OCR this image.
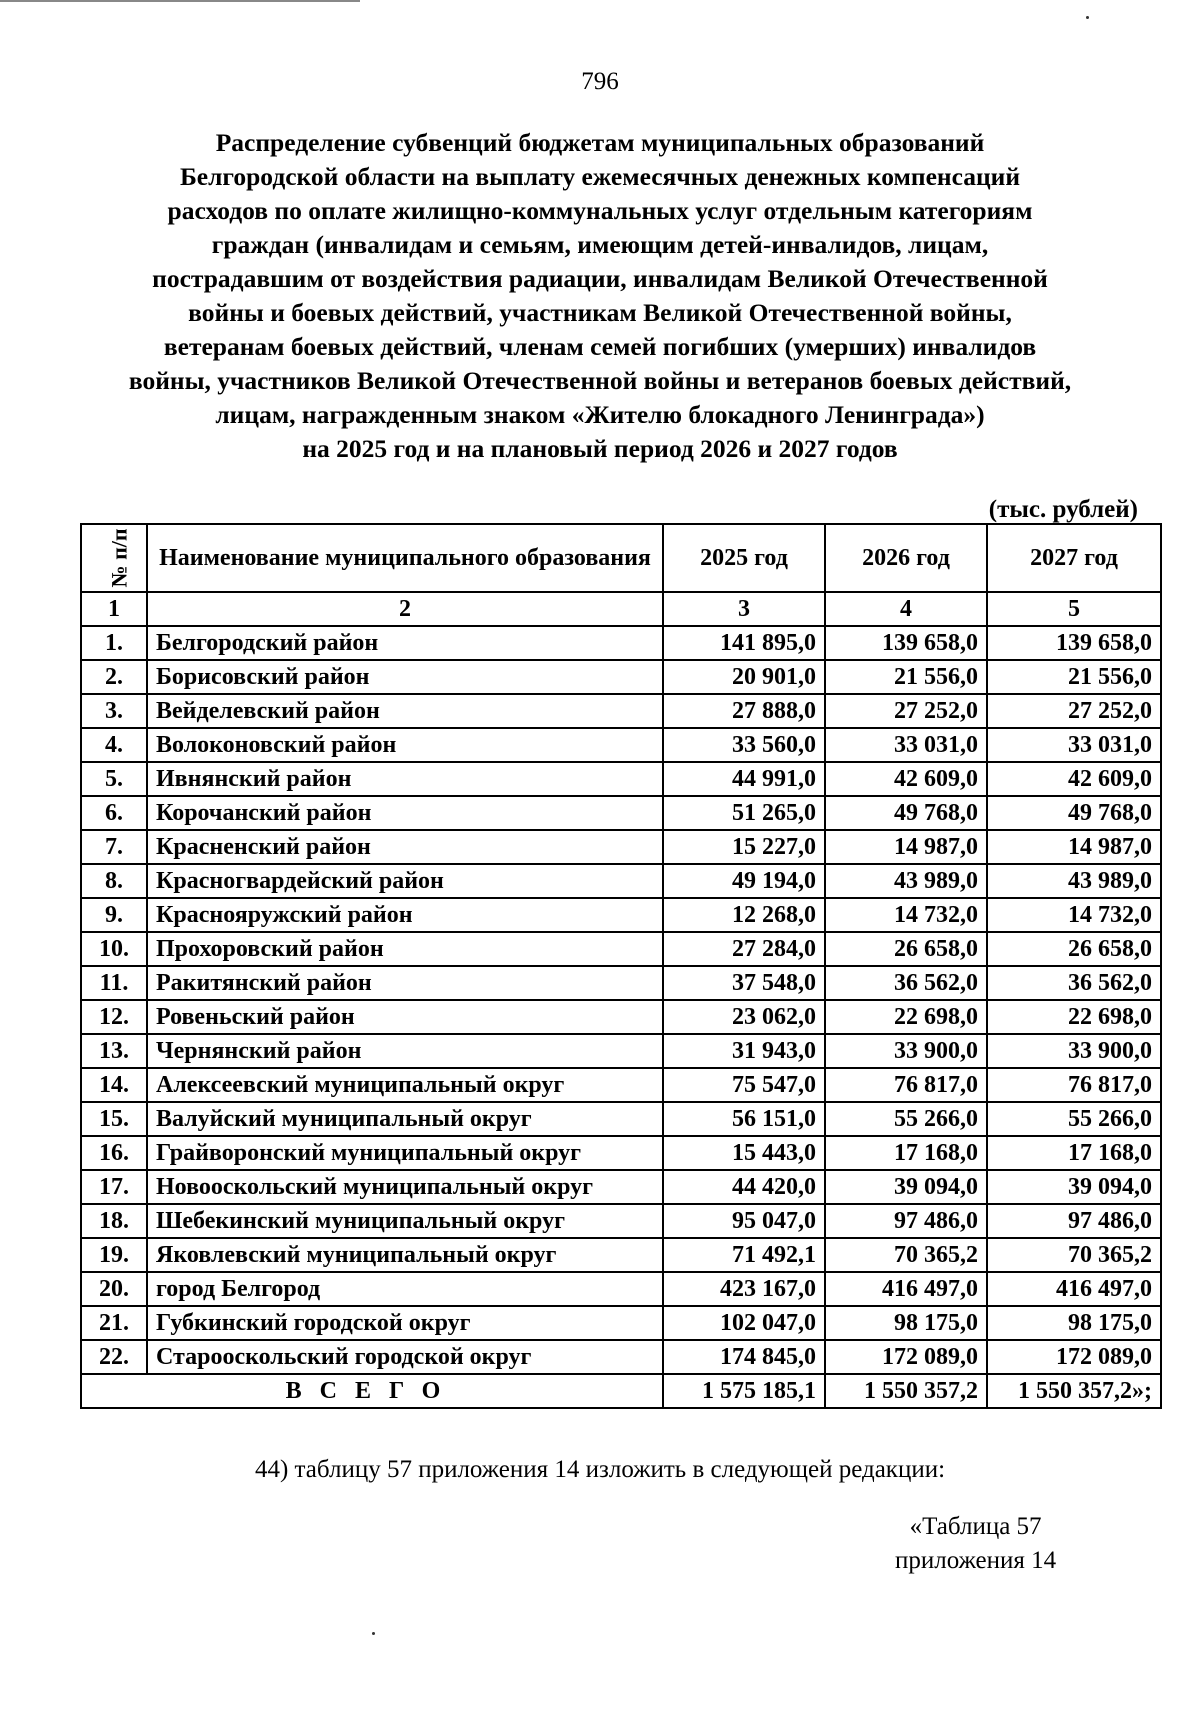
796
Распределение субвенций бюджетам муниципальных образований
Белгородской области на выплату ежемесячных денежных компенсаций
расходов по оплате жилищно-коммунальных услуг отдельным категориям
граждан (инвалидам и семьям, имеющим детей-инвалидов, лицам,
пострадавшим от воздействия радиации, инвалидам Великой Отечественной
войны и боевых действий, участникам Великой Отечественной войны,
ветеранам боевых действий, членам семей погибших (умерших) инвалидов
войны, участников Великой Отечественной войны и ветеранов боевых действий,
лицам, награжденным знаком «Жителю блокадного Ленинграда»)
на 2025 год и на плановый период 2026 и 2027 годов
(тыс. рублей)
№ п/п	Наименование муниципального образования	2025 год	2026 год	2027 год
1	2	3	4	5
1.	Белгородский район	141 895,0	139 658,0	139 658,0
2.	Борисовский район	20 901,0	21 556,0	21 556,0
3.	Вейделевский район	27 888,0	27 252,0	27 252,0
4.	Волоконовский район	33 560,0	33 031,0	33 031,0
5.	Ивнянский район	44 991,0	42 609,0	42 609,0
6.	Корочанский район	51 265,0	49 768,0	49 768,0
7.	Красненский район	15 227,0	14 987,0	14 987,0
8.	Красногвардейский район	49 194,0	43 989,0	43 989,0
9.	Краснояружский район	12 268,0	14 732,0	14 732,0
10.	Прохоровский район	27 284,0	26 658,0	26 658,0
11.	Ракитянский район	37 548,0	36 562,0	36 562,0
12.	Ровеньский район	23 062,0	22 698,0	22 698,0
13.	Чернянский район	31 943,0	33 900,0	33 900,0
14.	Алексеевский муниципальный округ	75 547,0	76 817,0	76 817,0
15.	Валуйский муниципальный округ	56 151,0	55 266,0	55 266,0
16.	Грайворонский муниципальный округ	15 443,0	17 168,0	17 168,0
17.	Новооскольский муниципальный округ	44 420,0	39 094,0	39 094,0
18.	Шебекинский муниципальный округ	95 047,0	97 486,0	97 486,0
19.	Яковлевский муниципальный округ	71 492,1	70 365,2	70 365,2
20.	город Белгород	423 167,0	416 497,0	416 497,0
21.	Губкинский городской округ	102 047,0	98 175,0	98 175,0
22.	Старооскольский городской округ	174 845,0	172 089,0	172 089,0
ВСЕГО		1 575 185,1	1 550 357,2	1 550 357,2»;
44) таблицу 57 приложения 14 изложить в следующей редакции:
«Таблица 57
приложения 14
